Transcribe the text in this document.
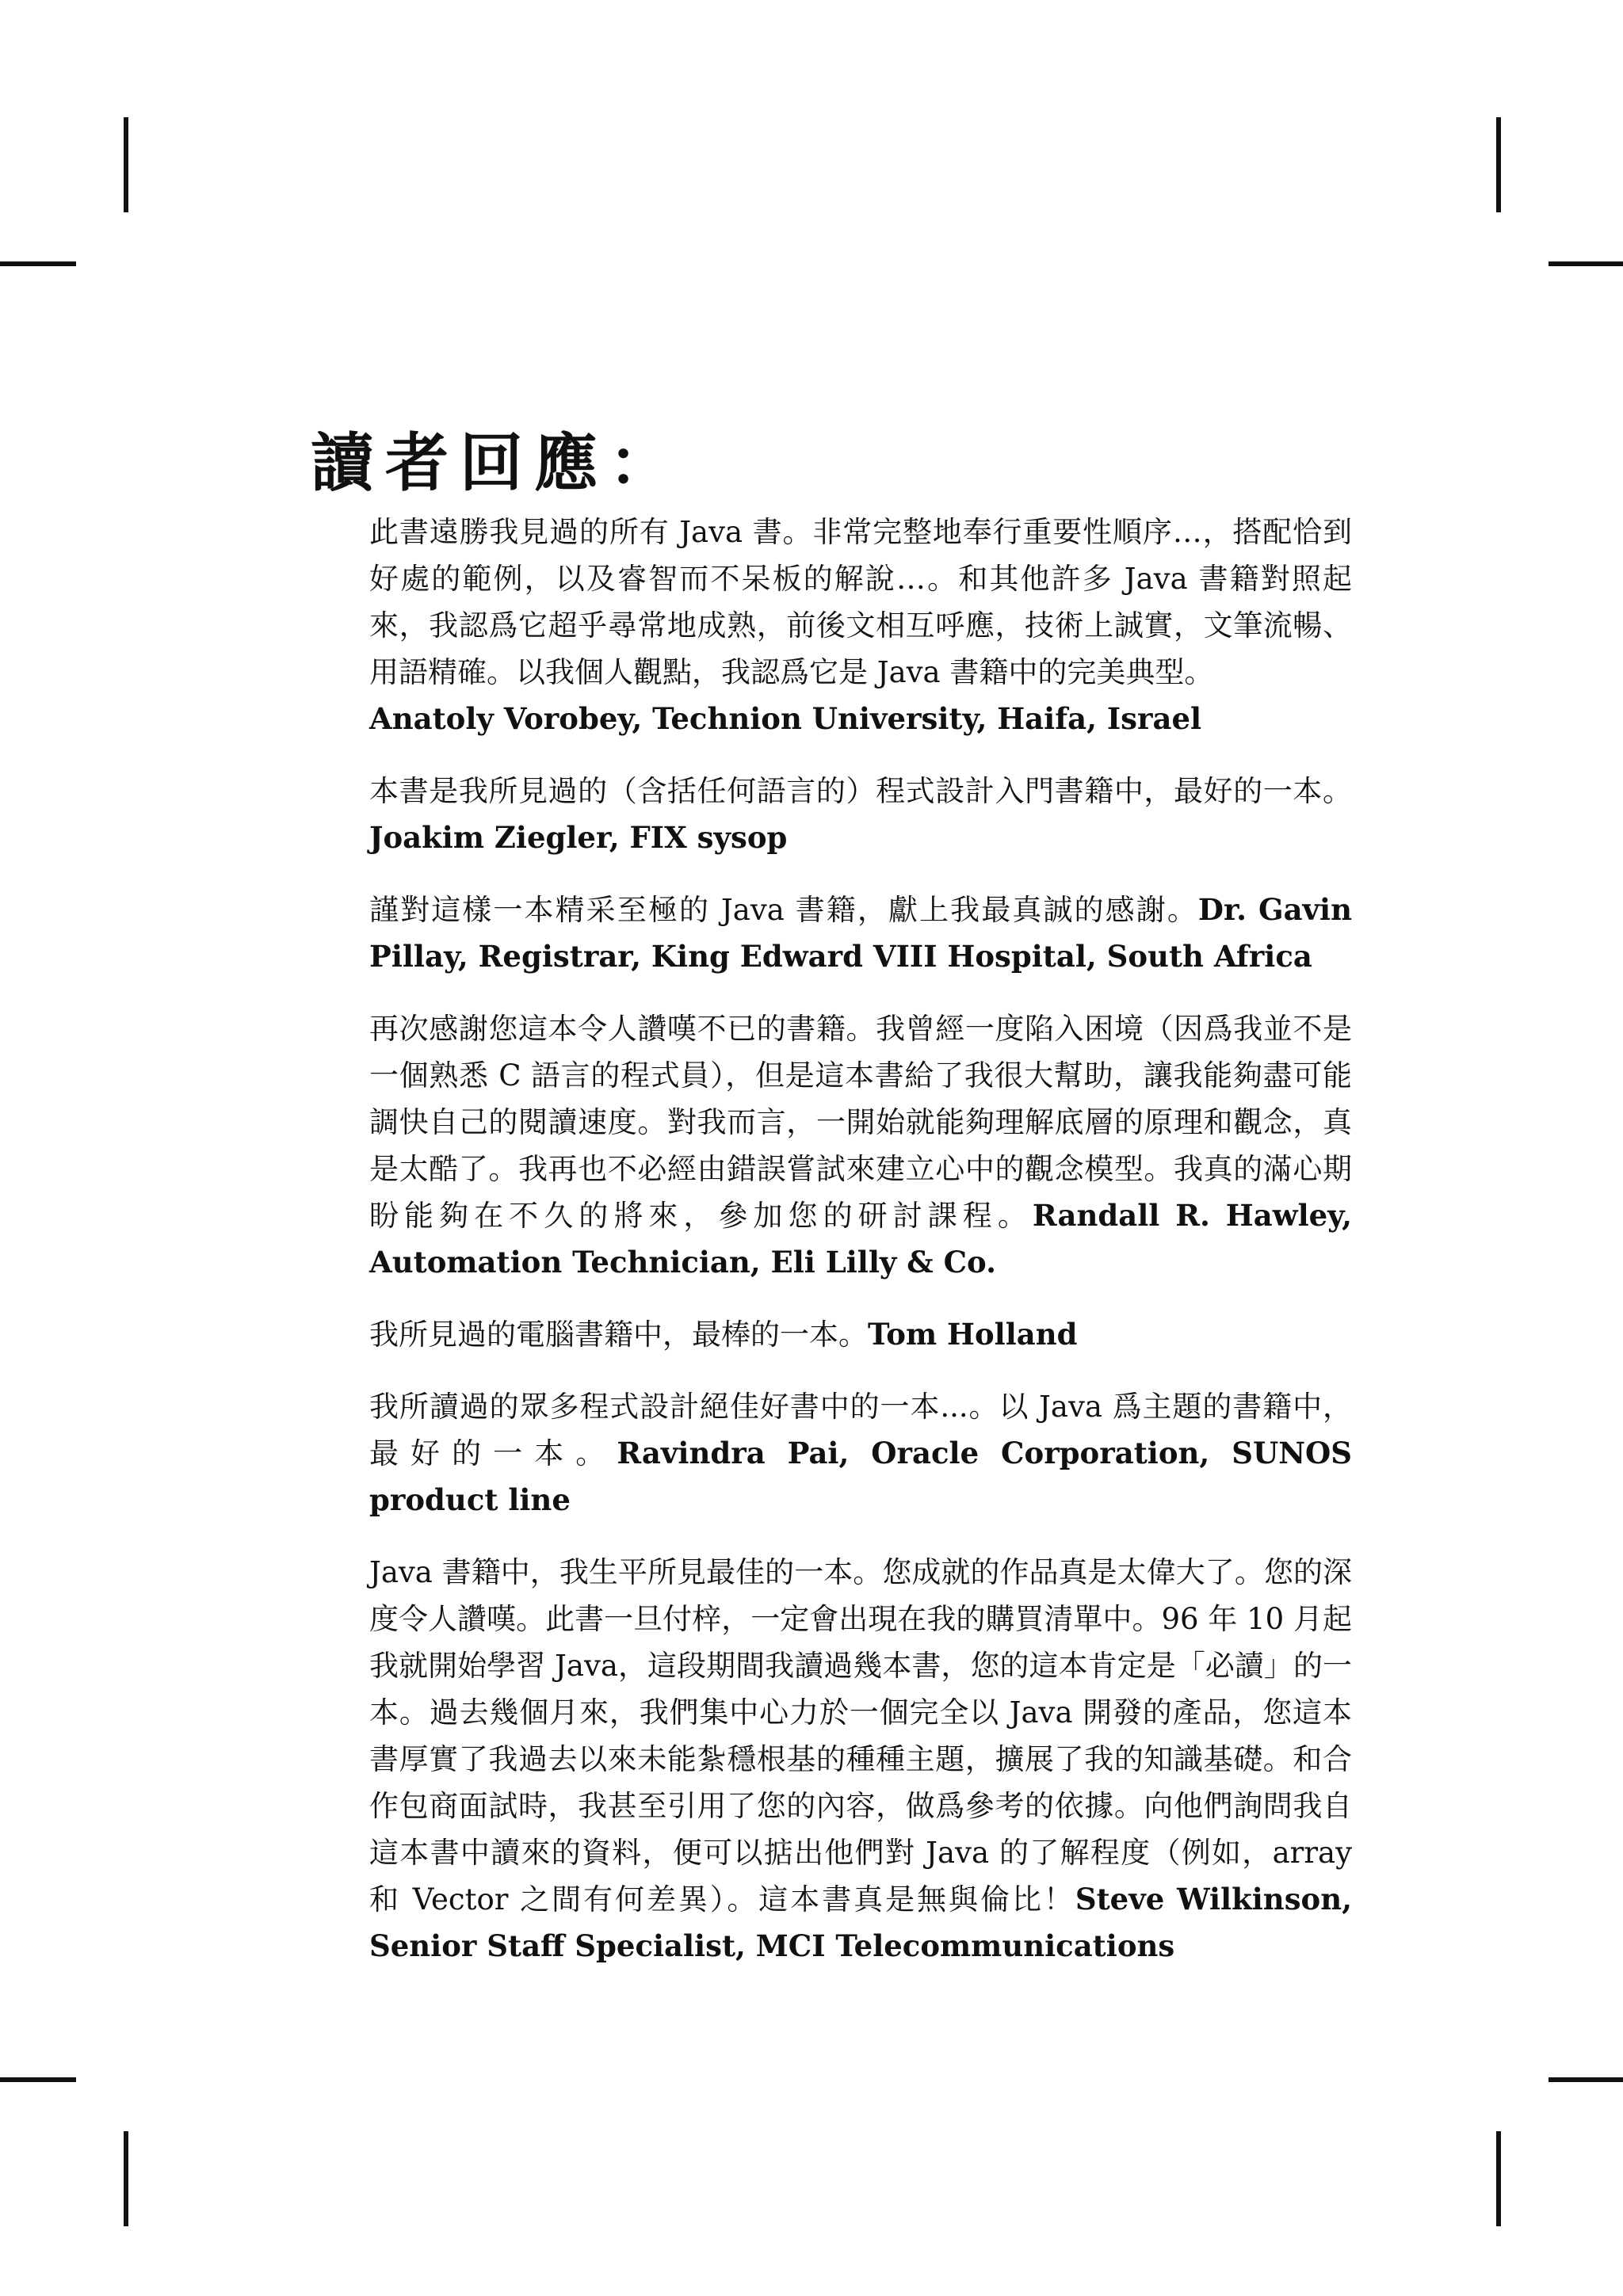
讀者回應：

此書遠勝我見過的所有 Java 書。非常完整地奉行重要性順序…，搭配恰到好處的範例，以及睿智而不呆板的解說…。和其他許多 Java 書籍對照起來，我認爲它超乎尋常地成熟，前後文相互呼應，技術上誠實，文筆流暢、用語精確。以我個人觀點，我認爲它是 Java 書籍中的完美典型。
Anatoly Vorobey, Technion University, Haifa, Israel

本書是我所見過的（含括任何語言的）程式設計入門書籍中，最好的一本。Joakim Ziegler, FIX sysop

謹對這樣一本精采至極的 Java 書籍，獻上我最真誠的感謝。Dr. Gavin Pillay, Registrar, King Edward VIII Hospital, South Africa

再次感謝您這本令人讚嘆不已的書籍。我曾經一度陷入困境（因爲我並不是一個熟悉 C 語言的程式員），但是這本書給了我很大幫助，讓我能夠盡可能調快自己的閱讀速度。對我而言，一開始就能夠理解底層的原理和觀念，真是太酷了。我再也不必經由錯誤嘗試來建立心中的觀念模型。我真的滿心期盼能夠在不久的將來，參加您的研討課程。Randall R. Hawley, Automation Technician, Eli Lilly & Co.

我所見過的電腦書籍中，最棒的一本。Tom Holland

我所讀過的眾多程式設計絕佳好書中的一本...。以 Java 爲主題的書籍中，最好的一本。Ravindra Pai, Oracle Corporation, SUNOS product line

Java 書籍中，我生平所見最佳的一本。您成就的作品真是太偉大了。您的深度令人讚嘆。此書一旦付梓，一定會出現在我的購買清單中。96 年 10 月起我就開始學習 Java，這段期間我讀過幾本書，您的這本肯定是「必讀」的一本。過去幾個月來，我們集中心力於一個完全以 Java 開發的產品，您這本書厚實了我過去以來未能紮穩根基的種種主題，擴展了我的知識基礎。和合作包商面試時，我甚至引用了您的內容，做爲參考的依據。向他們詢問我自這本書中讀來的資料，便可以掂出他們對 Java 的了解程度（例如，array 和 Vector 之間有何差異）。這本書真是無與倫比！Steve Wilkinson, Senior Staff Specialist, MCI Telecommunications
